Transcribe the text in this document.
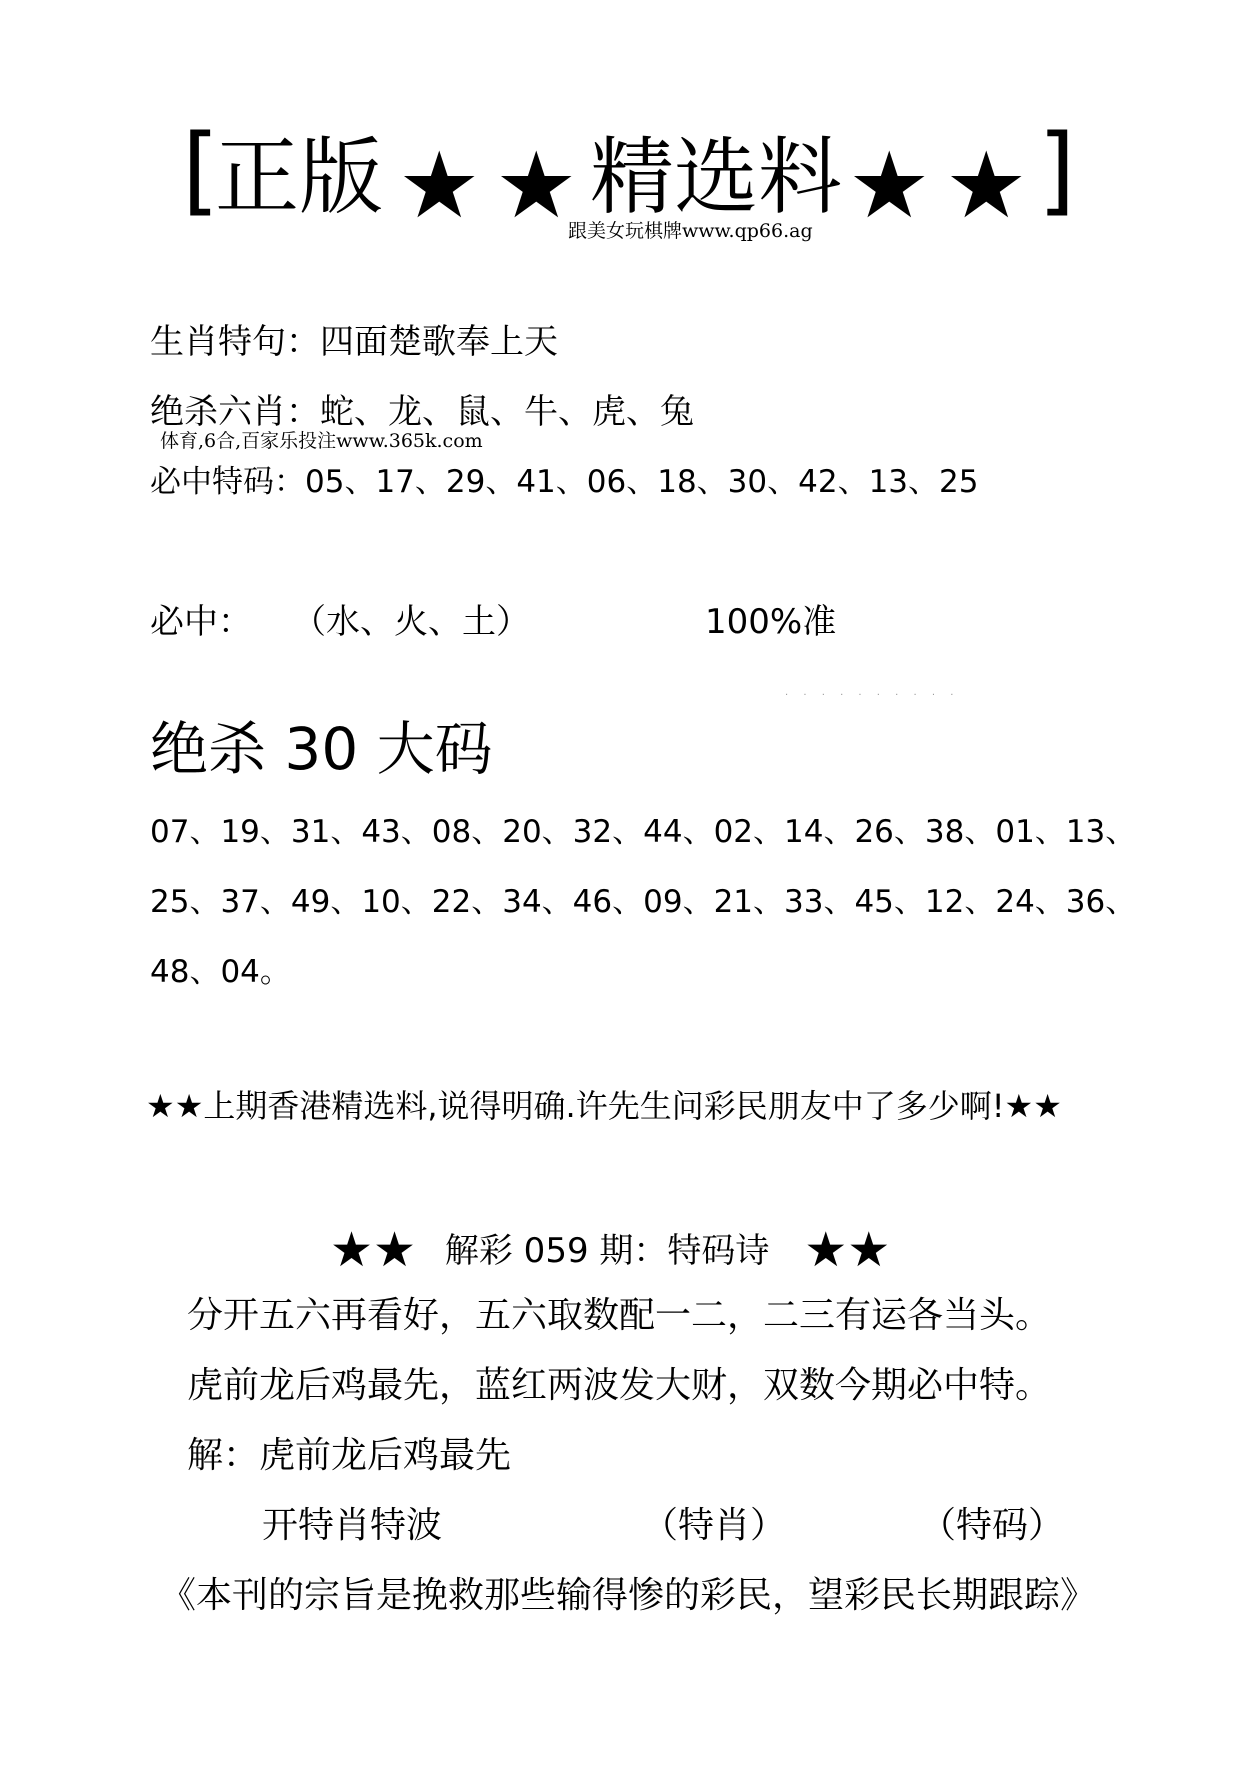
[
正版 ★ ★ 精选料 ★ ★ ]
跟美女玩棋牌www.qp66.ag
生肖特句：四面楚歌奉上天
绝杀六肖：蛇、龙、鼠、牛、虎、兔
体育,6合,百家乐投注www.365k.com
必中特码：05、17、29、41、06、18、30、42、13、25
必中： （水、火、土）	100%准
· · · · · · · · · ·
绝杀 30 大码
07、19、31、43、08、20、32、44、02、14、26、38、01、13、
25、37、49、10、22、34、46、09、21、33、45、12、24、36、
48、04。
★★上期香港精选料,说得明确.许先生问彩民朋友中了多少啊!★★
★★ 解彩 059 期：特码诗 ★★
分开五六再看好，五六取数配一二，二三有运各当头。
虎前龙后鸡最先，蓝红两波发大财，双数今期必中特。
解：虎前龙后鸡最先
开特肖特波	（特肖）	（特码）
《本刊的宗旨是挽救那些输得惨的彩民，望彩民长期跟踪》
